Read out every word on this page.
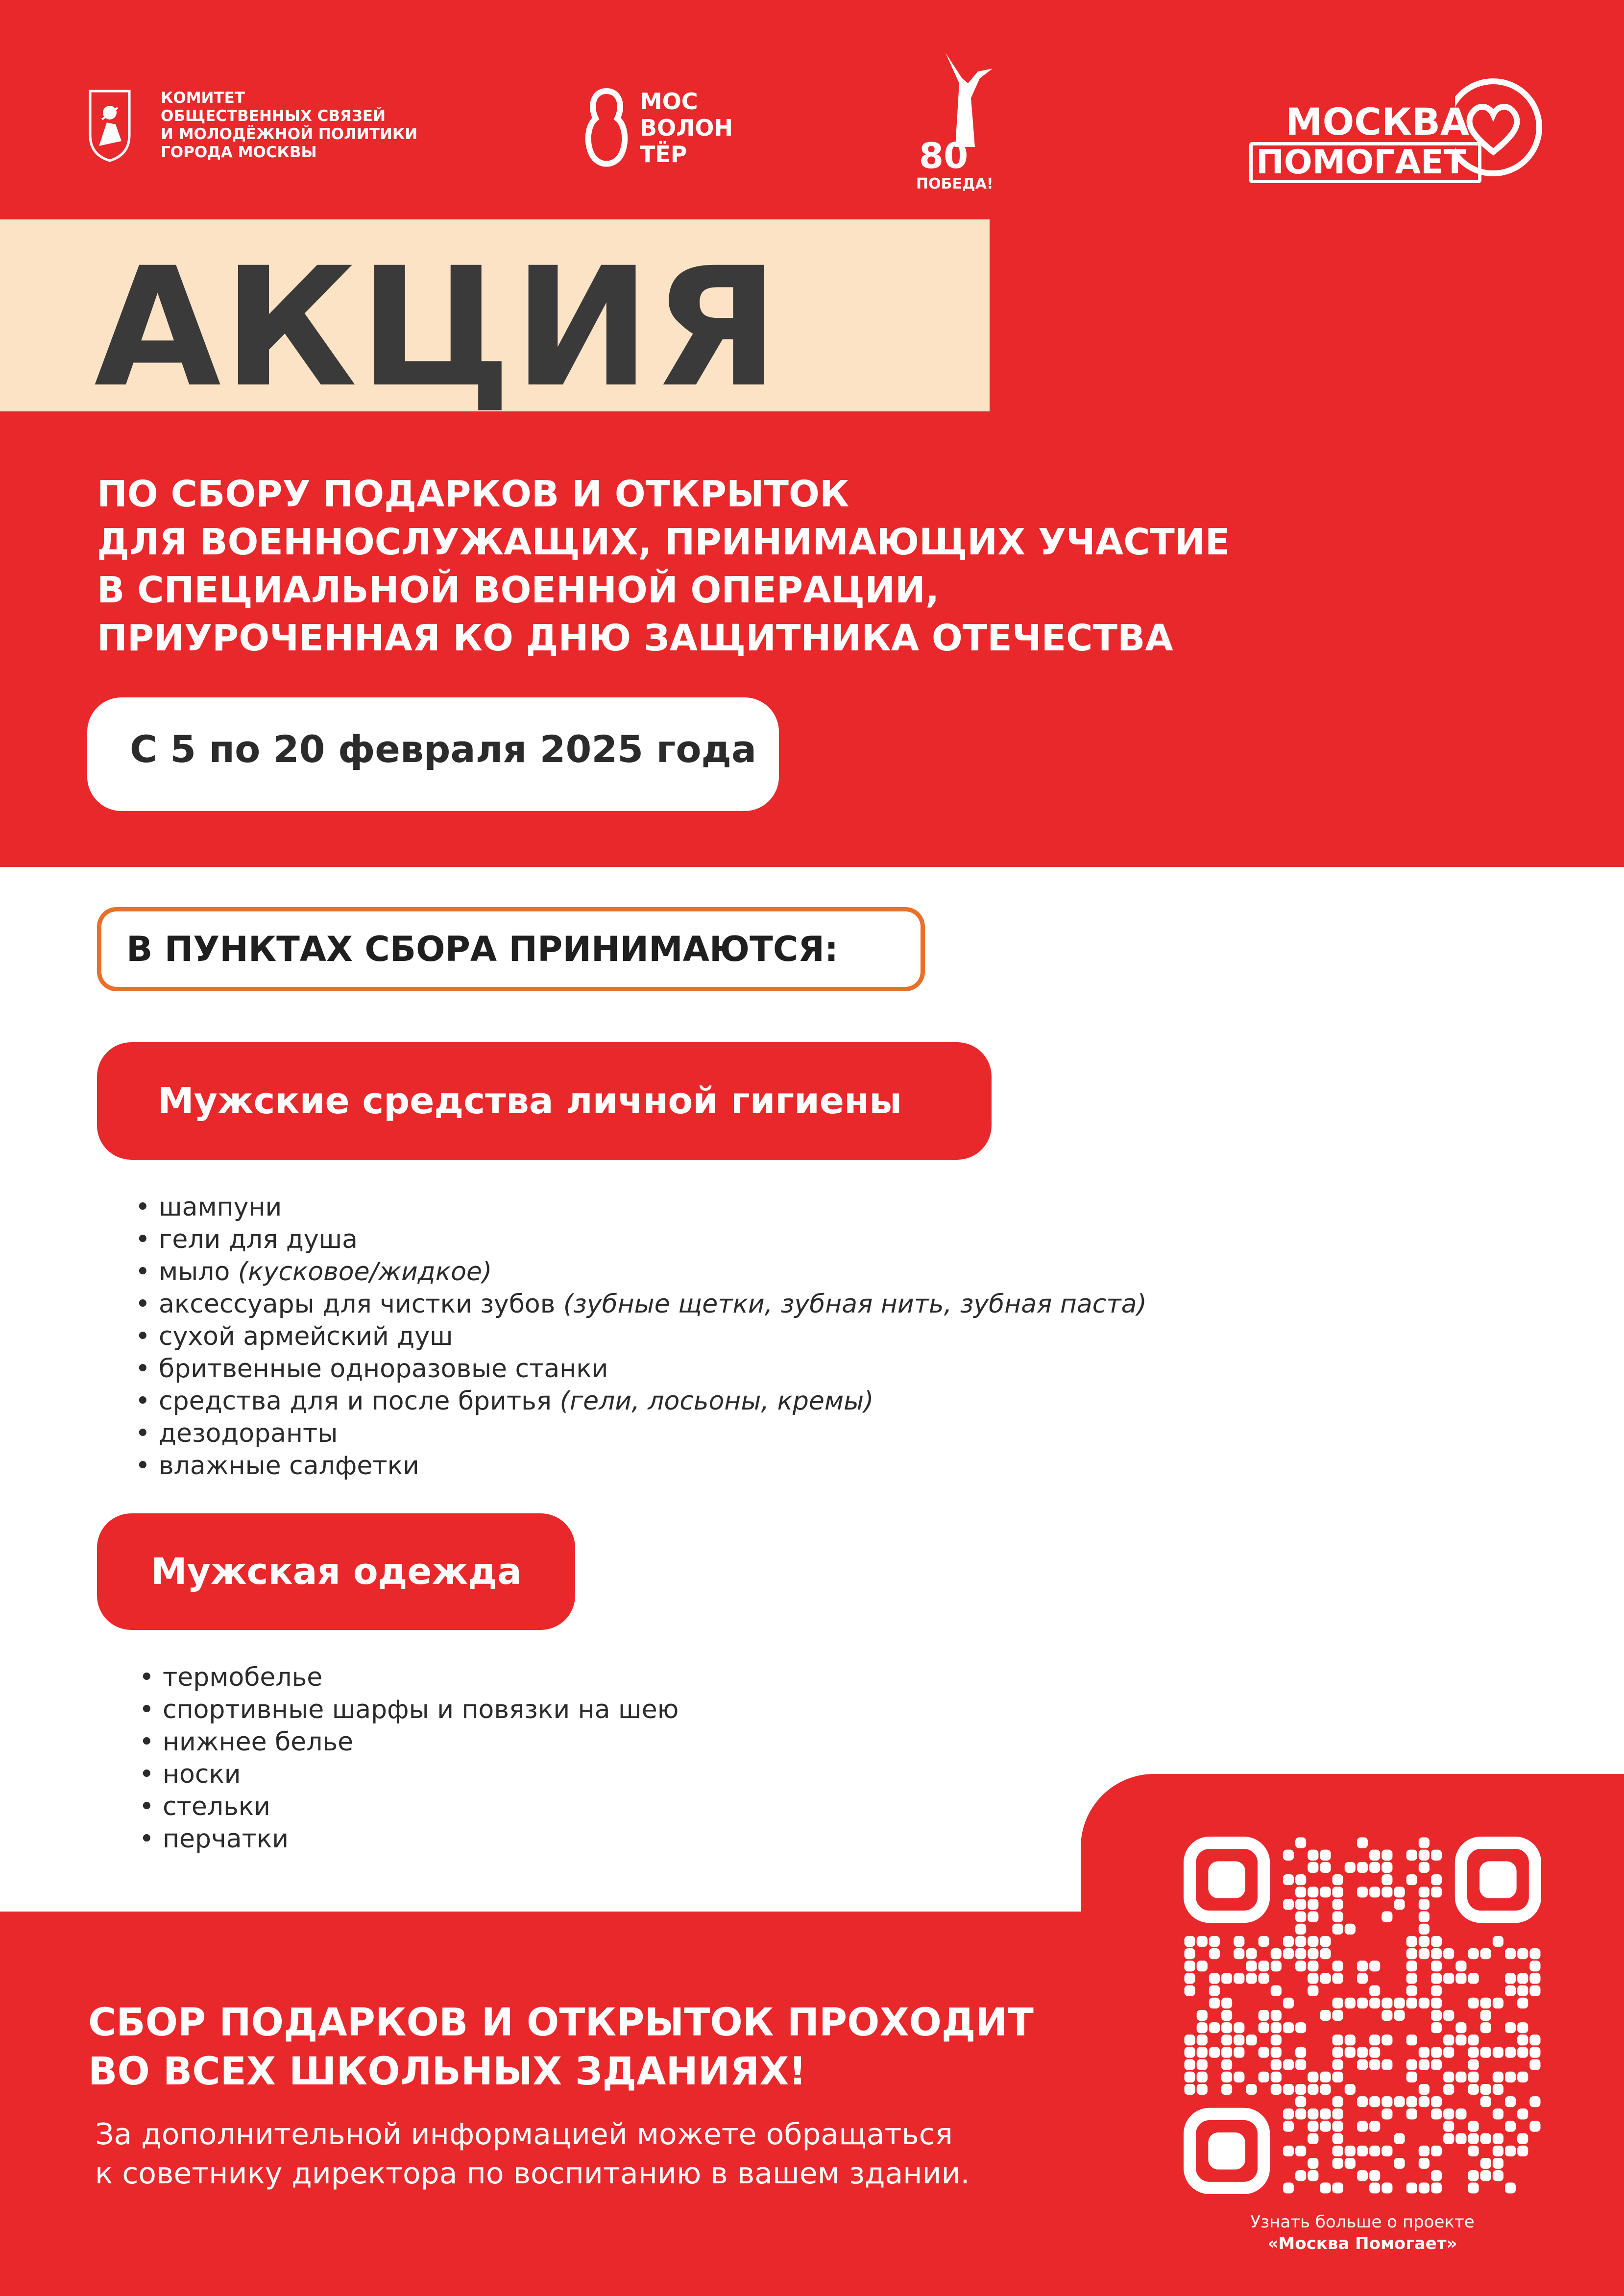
КОМИТЕТ
ОБЩЕСТВЕННЫХ СВЯЗЕЙ
И МОЛОДЁЖНОЙ ПОЛИТИКИ
ГОРОДА МОСКВЫ
МОС
ВОЛОН
ТЁР	80
ПОБЕДА!
МОСКВА
ПОМОГАЕТ
АКЦИЯ
ПО СБОРУ ПОДАРКОВ И ОТКРЫТОК
ДЛЯ ВОЕННОСЛУЖАЩИХ, ПРИНИМАЮЩИХ УЧАСТИЕ
В СПЕЦИАЛЬНОЙ ВОЕННОЙ ОПЕРАЦИИ,
ПРИУРОЧЕННАЯ КО ДНЮ ЗАЩИТНИКА ОТЕЧЕСТВА
С 5 по 20 февраля 2025 года
В ПУНКТАХ СБОРА ПРИНИМАЮТСЯ:
Мужские средства личной гигиены
• шампуни
• гели для душа
• мыло (кусковое/жидкое)
• аксессуары для чистки зубов (зубные щетки, зубная нить, зубная паста)
• сухой армейский душ
• бритвенные одноразовые станки
• средства для и после бритья (гели, лосьоны, кремы)
• дезодоранты
• влажные салфетки
Мужская одежда
• термобелье
• спортивные шарфы и повязки на шею
• нижнее белье
• носки
• стельки
• перчатки
СБОР ПОДАРКОВ И ОТКРЫТОК ПРОХОДИТ
ВО ВСЕХ ШКОЛЬНЫХ ЗДАНИЯХ!
За дополнительной информацией можете обращаться
к советнику директора по воспитанию в вашем здании.
Узнать больше о проекте
«Москва Помогает»
